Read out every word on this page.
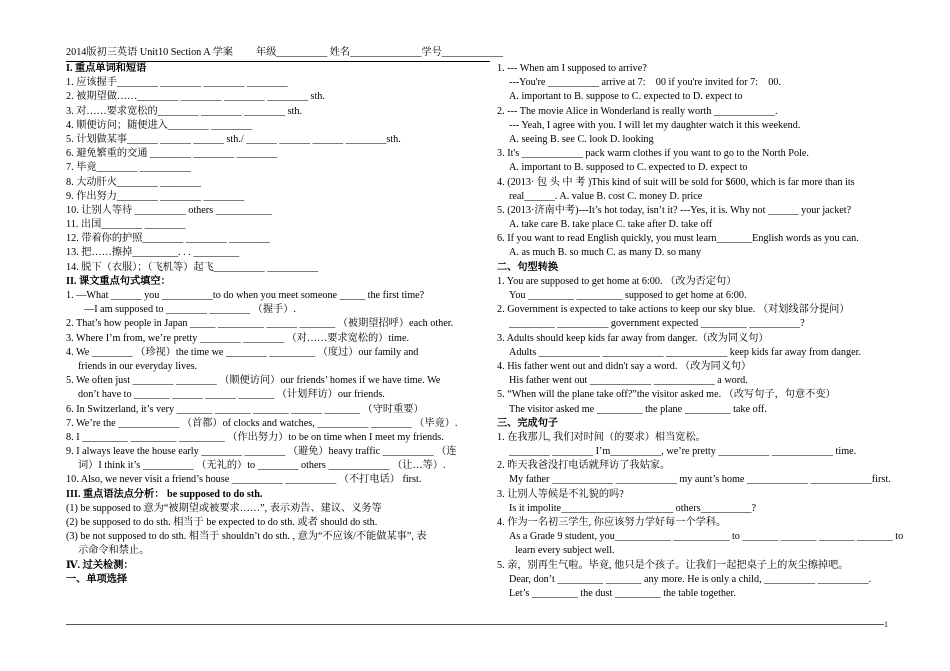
2014版初三英语 Unit10 Section A 学案　　 年级__________ 姓名______________学号____________
I. 重点单词和短语
1. 应该握手________ ________ ________ ________
2. 被期望做……________ ________ ________ ________ sth.
3. 对……要求宽松的________ ________ ________ sth.
4. 顺便访问；随便进入________ ________
5. 计划做某事______ ______ ______ sth./ ______ ______ ______ ________sth.
6. 避免繁重的交通 ________ ________ ________
7. 毕竟________ __________
8. 大动肝火________ ________
9. 作出努力________ ________ ________
10. 让别人等待 __________ others ___________
11. 出国________ ________
12. 带着你的护照________ ________ ________
13. 把……擦掉_________. . . _________
14. 脱下（衣服）；（飞机等）起飞__________ __________
II. 课文重点句式填空：
1. —What ______ you __________to do when you meet someone _____ the first time?
—I am supposed to ________ ________ （握手）.
2. That’s how people in Japan _____ _________ ______ _______ （被期望招呼）each other.
3. Where I’m from, we’re pretty ________ ________ （对……要求宽松的）time.
4. We ________ （珍视）the time we ________ _________ （度过）our family and
friends in our everyday lives.
5. We often just ________ ________ （顺便访问）our friends’ homes if we have time. We
don’t have to _______ ______ ______ _______ （计划拜访）our friends.
6. In Switzerland, it’s very _______ _______ _______ ______ _______ （守时重要）
7. We’re the ____________ （首都）of clocks and watches, __________ ________ （毕竟）.
8. I _________ _________ _________ （作出努力）to be on time when I meet my friends.
9. I always leave the house early ________ ________ （避免）heavy traffic __________ （连
词）I think it’s __________ （无礼的）to ________ others ____________ （让…等）.
10. Also, we never visit a friend’s house __________ __________ （不打电话） first.
III. 重点语法点分析： be supposed to do sth.
(1) be supposed to 意为“被期望或被要求……”, 表示劝告、建议、义务等
(2) be supposed to do sth. 相当于 be expected to do sth. 或者 should do sth.
(3) be not supposed to do sth. 相当于 shouldn’t do sth. , 意为“不应该/不能做某事”, 表
示命令和禁止。
Ⅳ. 过关检测：
一、单项选择
1. --- When am I supposed to arrive?
---You're __________ arrive at 7:　00 if you're invited for 7:　00.
A. important to B. suppose to C. expected to D. expect to
2. --- The movie Alice in Wonderland is really worth ____________.
--- Yeah, I agree with you. I will let my daughter watch it this weekend.
A. seeing B. see C. look D. looking
3. It's ____________ pack warm clothes if you want to go to the North Pole.
A. important to B. supposed to C. expected to D. expect to
4. (2013· 包 头 中 考 )This kind of suit will be sold for $600, which is far more than its
real______. A. value B. cost C. money D. price
5. (2013·济南中考)---It’s hot today, isn’t it? ---Yes, it is. Why not ______ your jacket?
A. take care B. take place C. take after D. take off
6. If you want to read English quickly, you must learn_______English words as you can.
A. as much B. so much C. as many D. so many
二、句型转换
1. You are supposed to get home at 6:00. （改为否定句）
You _________ _________ supposed to get home at 6:00.
2. Government is expected to take actions to keep our sky blue. （对划线部分提问）
_________ __________ government expected _________ __________?
3. Adults should keep kids far away from danger.（改为同义句）
Adults ____________ ____________ ____________ keep kids far away from danger.
4. His father went out and didn't say a word. （改为同义句）
His father went out ____________ ____________ a word.
5. “When will the plane take off?”the visitor asked me. （改写句子，句意不变）
The visitor asked me _________ the plane _________ take off.
三、完成句子
1. 在我那儿, 我们对时间（的要求）相当宽松。
________ ________ I’m__________, we’re pretty __________ ____________ time.
2. 昨天我爸没打电话就拜访了我姑家。
My father ____________ ____________ my aunt’s home ____________ ____________first.
3. 让别人等候是不礼貌的吗?
Is it impolite______________________ others__________?
4. 作为一名初三学生, 你应该努力学好每一个学科。
As a Grade 9 student, you___________ ___________ to _______ _______ _______ _______ to
learn every subject well.
5. 亲，别再生气啦。毕竟, 他只是个孩子。让我们一起把桌子上的灰尘擦掉吧。
Dear, don’t _________ _______ any more. He is only a child, __________ __________.
Let’s _________ the dust _________ the table together.
1
